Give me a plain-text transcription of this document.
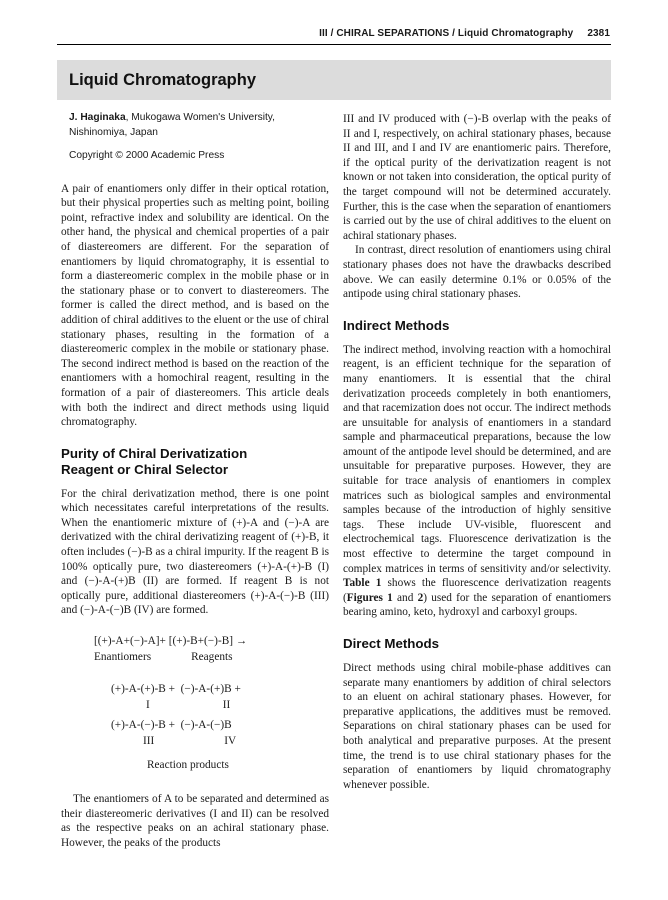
III / CHIRAL SEPARATIONS / Liquid Chromatography 2381
Liquid Chromatography
J. Haginaka, Mukogawa Women's University,
Nishinomiya, Japan
Copyright © 2000 Academic Press

A pair of enantiomers only differ in their optical rotation, but their physical properties such as melting point, boiling point, refractive index and solubility are identical. On the other hand, the physical and chemical properties of a pair of diastereomers are different. For the separation of enantiomers by liquid chromatography, it is essential to form a diastereomeric complex in the mobile phase or in the stationary phase or to convert to diastereomers. The former is called the direct method, and is based on the addition of chiral additives to the eluent or the use of chiral stationary phases, resulting in the formation of a diastereomeric complex in the mobile or stationary phase. The second indirect method is based on the reaction of the enantiomers with a homochiral reagent, resulting in the formation of a pair of diastereomers. This article deals with both the indirect and direct methods using liquid chromatography.

Purity of Chiral Derivatization
Reagent or Chiral Selector

For the chiral derivatization method, there is one point which necessitates careful interpretations of the results. When the enantiomeric mixture of (+)-A and (−)-A are derivatized with the chiral derivatizing reagent of (+)-B, it often includes (−)-B as a chiral impurity. If the reagent B is 100% optically pure, two diastereomers (+)-A-(+)-B (I) and (−)-A-(+)B (II) are formed. If reagent B is not optically pure, additional diastereomers (+)-A-(−)-B (III) and (−)-A-(−)B (IV) are formed.

[(+)-A+(−)-A]+ [(+)-B+(−)-B] →
Enantiomers	Reagents
(+)-A-(+)-B +  (−)-A-(+)B +
I	II
(+)-A-(−)-B +  (−)-A-(−)B
III	IV
Reaction products

The enantiomers of A to be separated and determined as their diastereomeric derivatives (I and II) can be resolved as the respective peaks on an achiral stationary phase. However, the peaks of the products

III and IV produced with (−)-B overlap with the peaks of II and I, respectively, on achiral stationary phases, because II and III, and I and IV are enantiomeric pairs. Therefore, if the optical purity of the derivatization reagent is not known or not taken into consideration, the optical purity of the target compound will not be determined accurately. Further, this is the case when the separation of enantiomers is carried out by the use of chiral additives to the eluent on achiral stationary phases.

In contrast, direct resolution of enantiomers using chiral stationary phases does not have the drawbacks described above. We can easily determine 0.1% or 0.05% of the antipode using chiral stationary phases.

Indirect Methods

The indirect method, involving reaction with a homochiral reagent, is an efficient technique for the separation of many enantiomers. It is essential that the chiral derivatization proceeds completely in both enantiomers, and that racemization does not occur. The indirect methods are unsuitable for analysis of enantiomers in a standard sample and pharmaceutical preparations, because the low amount of the antipode level should be determined, and are unsuitable for preparative purposes. However, they are suitable for trace analysis of enantiomers in complex matrices such as biological samples and environmental samples because of the introduction of highly sensitive tags. These include UV-visible, fluorescent and electrochemical tags. Fluorescence derivatization is the most effective to determine the target compound in complex matrices in terms of sensitivity and/or selectivity. Table 1 shows the fluorescence derivatization reagents (Figures 1 and 2) used for the separation of enantiomers bearing amino, keto, hydroxyl and carboxyl groups.

Direct Methods

Direct methods using chiral mobile-phase additives can separate many enantiomers by addition of chiral selectors to an eluent on achiral stationary phases. However, for preparative applications, the additives must be removed. Separations on chiral stationary phases can be used for both analytical and preparative purposes. At the present time, the trend is to use chiral stationary phases for the separation of enantiomers by liquid chromatography whenever possible.
